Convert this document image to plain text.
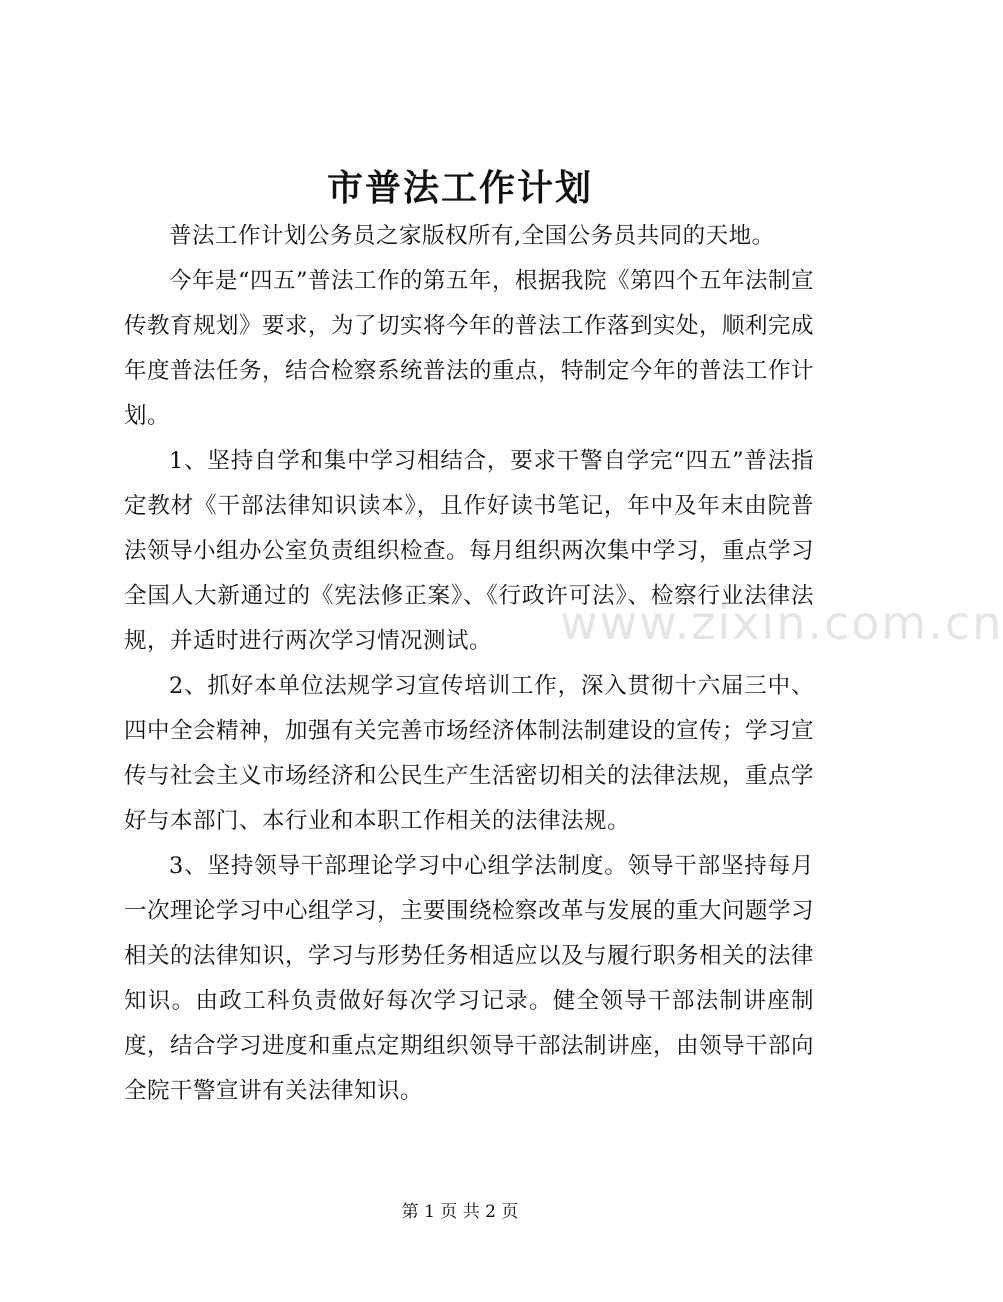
市普法工作计划

普法工作计划公务员之家版权所有,全国公务员共同的天地。

今年是“四五”普法工作的第五年，根据我院《第四个五年法制宣传教育规划》要求，为了切实将今年的普法工作落到实处，顺利完成年度普法任务，结合检察系统普法的重点，特制定今年的普法工作计划。

1、坚持自学和集中学习相结合，要求干警自学完“四五”普法指定教材《干部法律知识读本》，且作好读书笔记，年中及年末由院普法领导小组办公室负责组织检查。每月组织两次集中学习，重点学习全国人大新通过的《宪法修正案》、《行政许可法》、检察行业法律法规，并适时进行两次学习情况测试。

2、抓好本单位法规学习宣传培训工作，深入贯彻十六届三中、四中全会精神，加强有关完善市场经济体制法制建设的宣传；学习宣传与社会主义市场经济和公民生产生活密切相关的法律法规，重点学好与本部门、本行业和本职工作相关的法律法规。

3、坚持领导干部理论学习中心组学法制度。领导干部坚持每月一次理论学习中心组学习，主要围绕检察改革与发展的重大问题学习相关的法律知识，学习与形势任务相适应以及与履行职务相关的法律知识。由政工科负责做好每次学习记录。健全领导干部法制讲座制度，结合学习进度和重点定期组织领导干部法制讲座，由领导干部向全院干警宣讲有关法律知识。

www.zixin.com.cn
第 1 页 共 2 页
